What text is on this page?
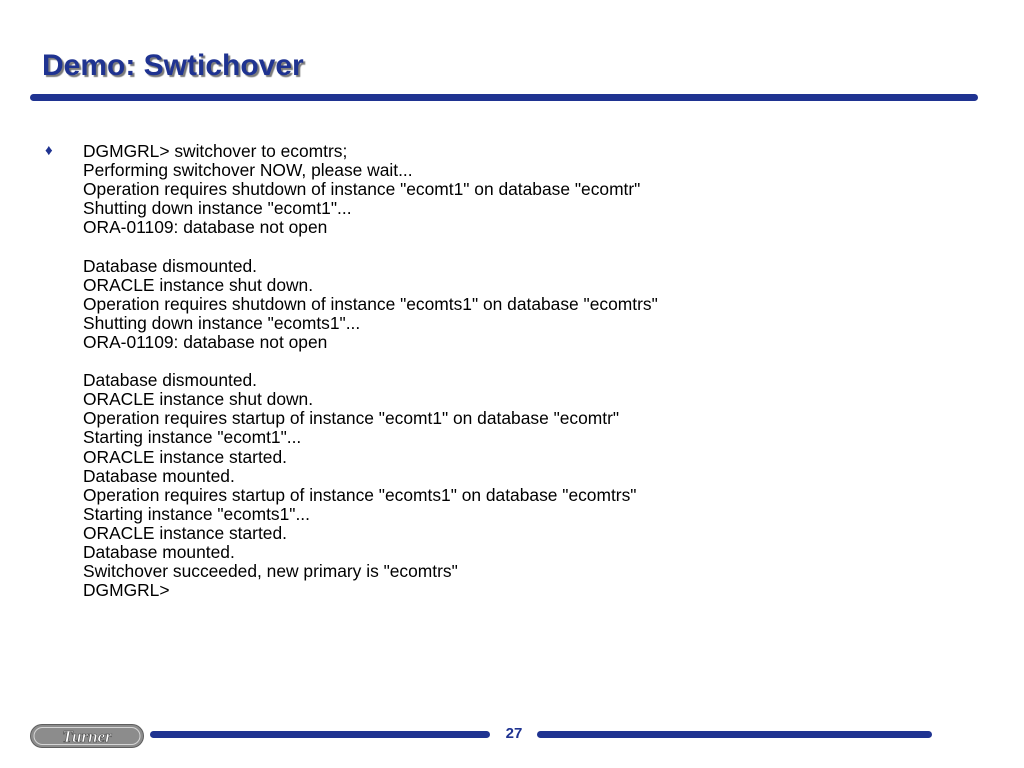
Demo: Swtichover
♦ DGMGRL> switchover to ecomtrs;
Performing switchover NOW, please wait...
Operation requires shutdown of instance "ecomt1" on database "ecomtr"
Shutting down instance "ecomt1"...
ORA-01109: database not open
Database dismounted.
ORACLE instance shut down.
Operation requires shutdown of instance "ecomts1" on database "ecomtrs"
Shutting down instance "ecomts1"...
ORA-01109: database not open
Database dismounted.
ORACLE instance shut down.
Operation requires startup of instance "ecomt1" on database "ecomtr"
Starting instance "ecomt1"...
ORACLE instance started.
Database mounted.
Operation requires startup of instance "ecomts1" on database "ecomtrs"
Starting instance "ecomts1"...
ORACLE instance started.
Database mounted.
Switchover succeeded, new primary is "ecomtrs"
DGMGRL>
Turner	27
